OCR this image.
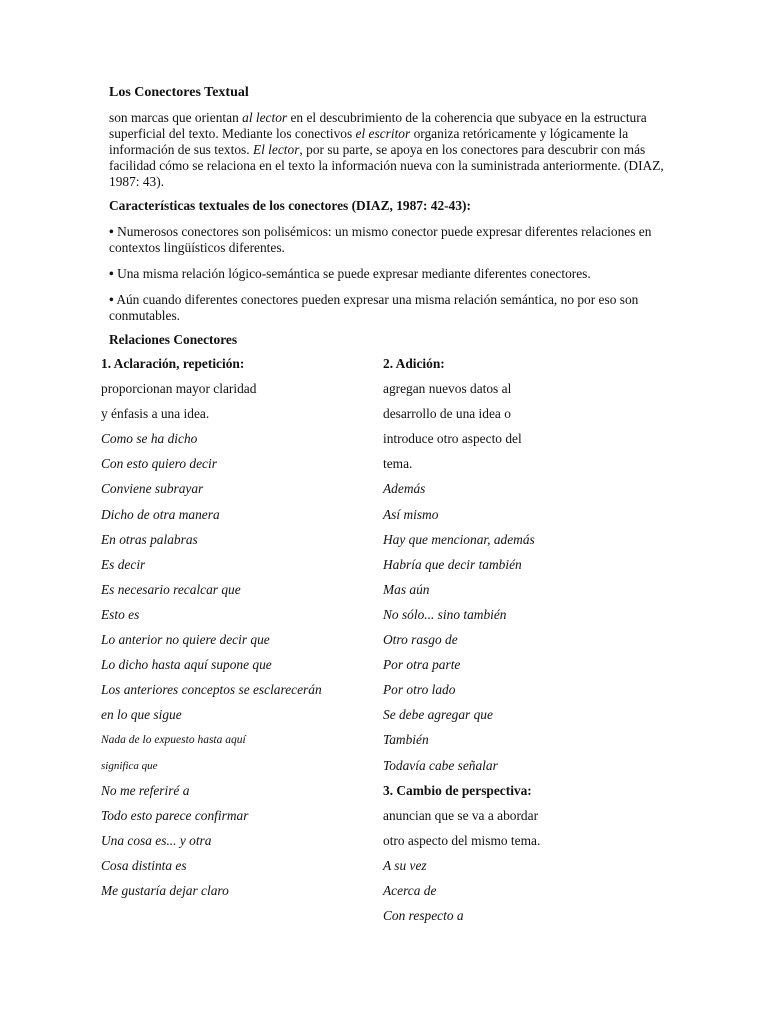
Los Conectores Textual
son marcas que orientan al lector en el descubrimiento de la coherencia que subyace en la estructura superficial del texto. Mediante los conectivos el escritor organiza retóricamente y lógicamente la información de sus textos. El lector, por su parte, se apoya en los conectores para descubrir con más facilidad cómo se relaciona en el texto la información nueva con la suministrada anteriormente. (DIAZ, 1987: 43).
Características textuales de los conectores (DIAZ, 1987: 42-43):
• Numerosos conectores son polisémicos: un mismo conector puede expresar diferentes relaciones en contextos lingüísticos diferentes.
• Una misma relación lógico-semántica se puede expresar mediante diferentes conectores.
• Aún cuando diferentes conectores pueden expresar una misma relación semántica, no por eso son conmutables.
Relaciones Conectores
1. Aclaración, repetición:
proporcionan mayor claridad
y énfasis a una idea.
Como se ha dicho
Con esto quiero decir
Conviene subrayar
Dicho de otra manera
En otras palabras
Es decir
Es necesario recalcar que
Esto es
Lo anterior no quiere decir que
Lo dicho hasta aquí supone que
Los anteriores conceptos se esclarecerán
en lo que sigue
Nada de lo expuesto hasta aquí
significa que
No me referiré a
Todo esto parece confirmar
Una cosa es... y otra
Cosa distinta es
Me gustaría dejar claro
2. Adición:
agregan nuevos datos al
desarrollo de una idea o
introduce otro aspecto del
tema.
Además
Así mismo
Hay que mencionar, además
Habría que decir también
Mas aún
No sólo... sino también
Otro rasgo de
Por otra parte
Por otro lado
Se debe agregar que
También
Todavía cabe señalar
3. Cambio de perspectiva:
anuncian que se va a abordar
otro aspecto del mismo tema.
A su vez
Acerca de
Con respecto a
